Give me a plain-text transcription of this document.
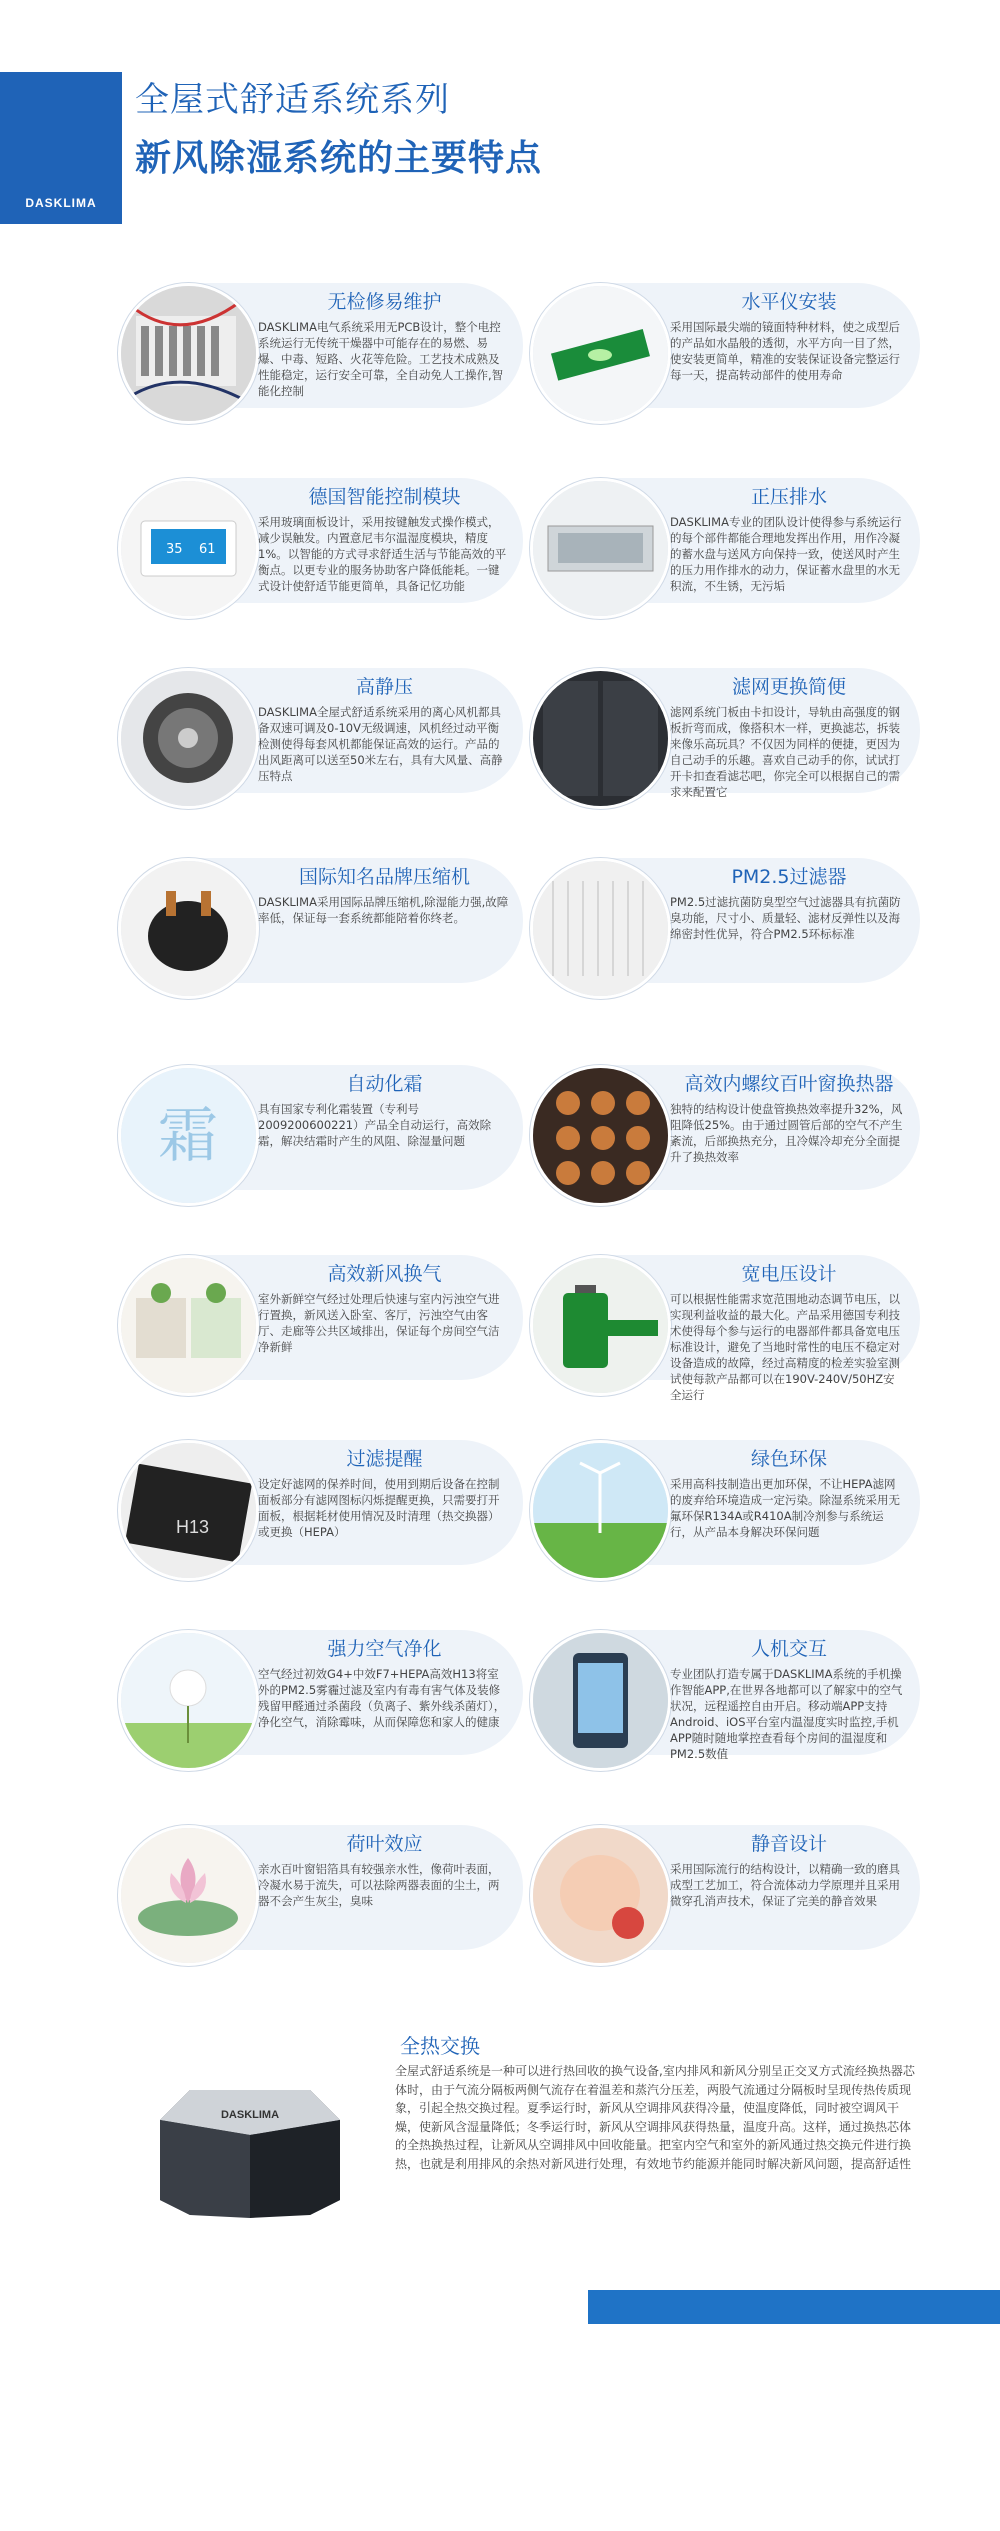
DASKLIMA
全屋式舒适系统系列
新风除湿系统的主要特点
无检修易维护
DASKLIMA电气系统采用无PCB设计，整个电控系统运行无传统干燥器中可能存在的易燃、易爆、中毒、短路、火花等危险。工艺技术成熟及性能稳定，运行安全可靠，全自动免人工操作,智能化控制
水平仪安装
采用国际最尖端的镜面特种材料，使之成型后的产品如水晶般的透彻，水平方向一目了然，使安装更简单，精准的安装保证设备完整运行每一天，提高转动部件的使用寿命
35 61
德国智能控制模块
采用玻璃面板设计，采用按键触发式操作模式，减少误触发。内置意尼韦尔温湿度模块，精度1%。以智能的方式寻求舒适生活与节能高效的平衡点。以更专业的服务协助客户降低能耗。一键式设计使舒适节能更简单，具备记忆功能
正压排水
DASKLIMA专业的团队设计使得参与系统运行的每个部件都能合理地发挥出作用，用作冷凝的蓄水盘与送风方向保持一致，使送风时产生的压力用作排水的动力，保证蓄水盘里的水无积流，不生锈，无污垢
高静压
DASKLIMA全屋式舒适系统采用的离心风机都具备双速可调及0-10V无级调速，风机经过动平衡检测使得每套风机都能保证高效的运行。产品的出风距离可以送至50米左右，具有大风量、高静压特点
滤网更换简便
滤网系统门板由卡扣设计，导轨由高强度的钢板折弯而成，像搭积木一样，更换滤芯，拆装来像乐高玩具？不仅因为同样的便捷，更因为自己动手的乐趣。喜欢自己动手的你，试试打开卡扣查看滤芯吧，你完全可以根据自己的需求来配置它
国际知名品牌压缩机
DASKLIMA采用国际品牌压缩机,除湿能力强,故障率低，保证每一套系统都能陪着你终老。
PM2.5过滤器
PM2.5过滤抗菌防臭型空气过滤器具有抗菌防臭功能，尺寸小、质量轻、滤材反弹性以及海绵密封性优异，符合PM2.5环标标准
霜
自动化霜
具有国家专利化霜装置（专利号2009200600221）产品全自动运行，高效除霜，解决结霜时产生的风阻、除湿量问题
高效内螺纹百叶窗换热器
独特的结构设计使盘管换热效率提升32%，风阻降低25%。由于通过圆管后部的空气不产生紊流，后部换热充分，且冷媒冷却充分全面提升了换热效率
高效新风换气
室外新鲜空气经过处理后快速与室内污浊空气进行置换，新风送入卧室、客厅，污浊空气由客厅、走廊等公共区域排出，保证每个房间空气洁净新鲜
宽电压设计
可以根据性能需求宽范围地动态调节电压，以实现利益收益的最大化。产品采用德国专利技术使得每个参与运行的电器部件都具备宽电压标准设计，避免了当地时常性的电压不稳定对设备造成的故障，经过高精度的检差实验室测试使每款产品都可以在190V-240V/50HZ安全运行
H13
过滤提醒
设定好滤网的保养时间，使用到期后设备在控制面板部分有滤网图标闪烁提醒更换，只需要打开面板，根据耗材使用情况及时清理（热交换器）或更换（HEPA）
绿色环保
采用高科技制造出更加环保，不让HEPA滤网的废弃给环境造成一定污染。除湿系统采用无氟环保R134A或R410A制冷剂参与系统运行，从产品本身解决环保问题
强力空气净化
空气经过初效G4+中效F7+HEPA高效H13将室外的PM2.5雾霾过滤及室内有毒有害气体及装修残留甲醛通过杀菌段（负离子、紫外线杀菌灯），净化空气，消除霉味，从而保障您和家人的健康
人机交互
专业团队打造专属于DASKLIMA系统的手机操作智能APP,在世界各地都可以了解家中的空气状况，远程遥控自由开启。移动端APP支持Android、iOS平台室内温湿度实时监控,手机APP随时随地掌控查看每个房间的温湿度和PM2.5数值
荷叶效应
亲水百叶窗铝箔具有较强亲水性，像荷叶表面，冷凝水易于流失，可以祛除两器表面的尘土，两器不会产生灰尘，臭味
静音设计
采用国际流行的结构设计，以精确一致的磨具成型工艺加工，符合流体动力学原理并且采用微穿孔消声技术，保证了完美的静音效果
DASKLIMA
全热交换
全屋式舒适系统是一种可以进行热回收的换气设备,室内排风和新风分别呈正交叉方式流经换热器芯体时，由于气流分隔板两侧气流存在着温差和蒸汽分压差，两股气流通过分隔板时呈现传热传质现象，引起全热交换过程。夏季运行时，新风从空调排风获得冷量，使温度降低，同时被空调风干燥，使新风含湿量降低；冬季运行时，新风从空调排风获得热量，温度升高。这样，通过换热芯体的全热换热过程，让新风从空调排风中回收能量。把室内空气和室外的新风通过热交换元件进行换热，也就是利用排风的余热对新风进行处理，有效地节约能源并能同时解决新风问题，提高舒适性
